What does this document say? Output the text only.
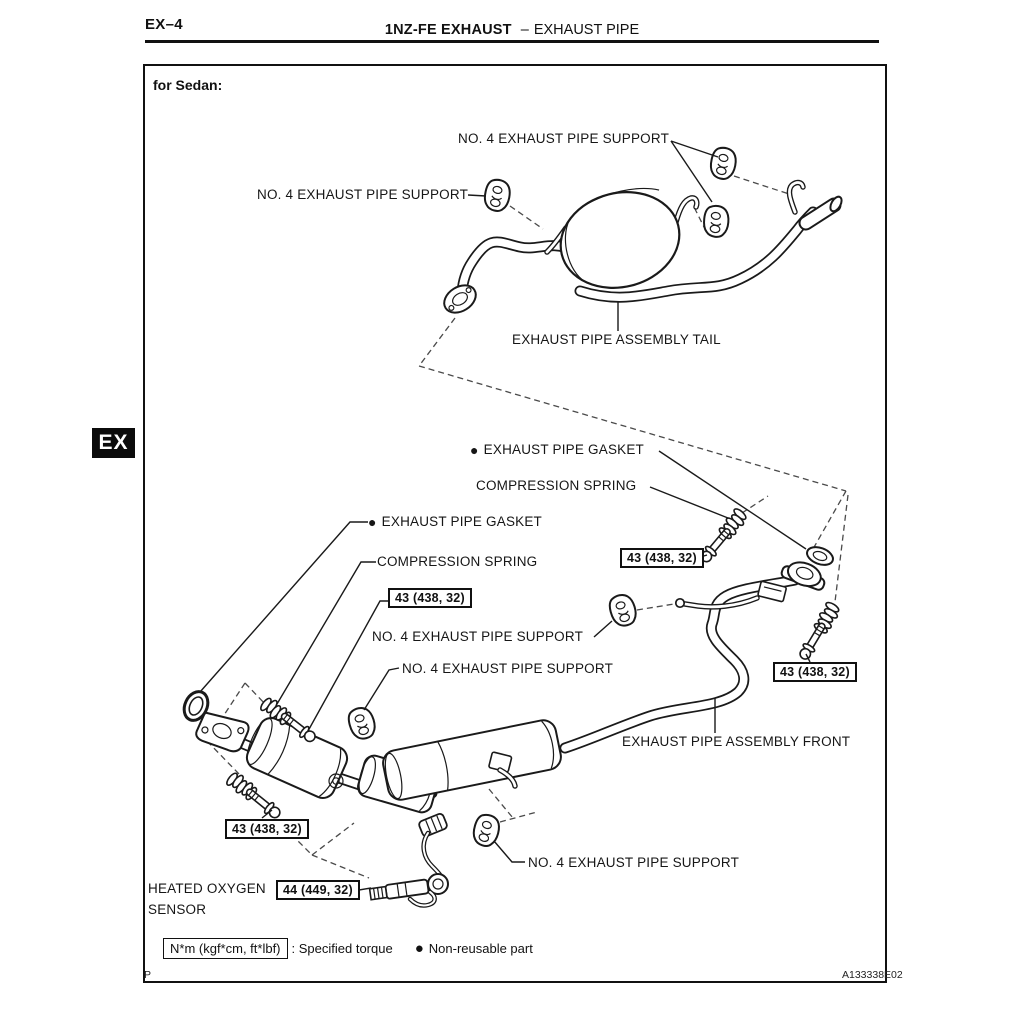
EX–4	1NZ-FE EXHAUST – EXHAUST PIPE
for Sedan:
EX
P	A133338E02
NO. 4 EXHAUST PIPE SUPPORT
NO. 4 EXHAUST PIPE SUPPORT
EXHAUST PIPE ASSEMBLY TAIL
● EXHAUST PIPE GASKET
COMPRESSION SPRING
● EXHAUST PIPE GASKET
COMPRESSION SPRING	43 (438, 32)
43 (438, 32)
43 (438, 32)
43 (438, 32)
NO. 4 EXHAUST PIPE SUPPORT
NO. 4 EXHAUST PIPE SUPPORT
EXHAUST PIPE ASSEMBLY FRONT
NO. 4 EXHAUST PIPE SUPPORT
HEATED OXYGEN
SENSOR
44 (449, 32)
N*m (kgf*cm, ft*lbf) : Specified torque ● Non-reusable part
